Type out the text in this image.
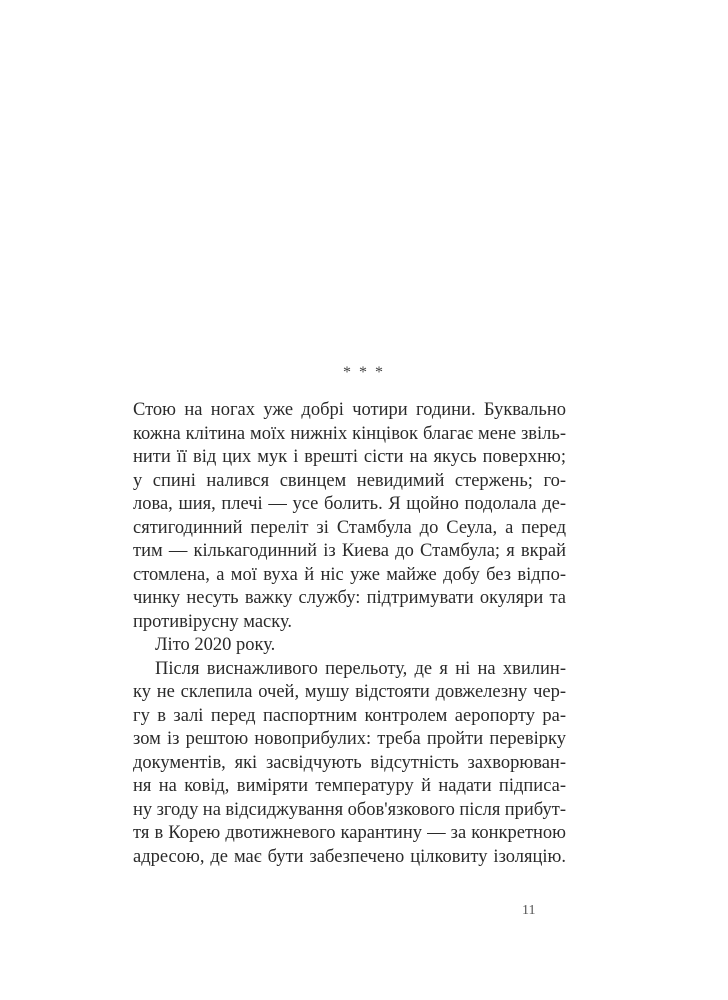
* * *
Стою на ногах уже добрі чотири години. Буквально
кожна клітина моїх нижніх кінцівок благає мене звіль-
нити її від цих мук і врешті сісти на якусь поверхню;
у спині налився свинцем невидимий стержень; го-
лова, шия, плечі — усе болить. Я щойно подолала де-
сятигодинний переліт зі Стамбула до Сеула, а перед
тим — кількагодинний із Киева до Стамбула; я вкрай
стомлена, а мої вуха й ніс уже майже добу без відпо-
чинку несуть важку службу: підтримувати окуляри та
противірусну маску.
Літо 2020 року.
Після виснажливого перельоту, де я ні на хвилин-
ку не склепила очей, мушу відстояти довжелезну чер-
гу в залі перед паспортним контролем аеропорту ра-
зом із рештою новоприбулих: треба пройти перевірку
документів, які засвідчують відсутність захворюван-
ня на ковід, виміряти температуру й надати підписа-
ну згоду на відсиджування обов'язкового після прибут-
тя в Корею двотижневого карантину — за конкретною
адресою, де має бути забезпечено цілковиту ізоляцію.
11
